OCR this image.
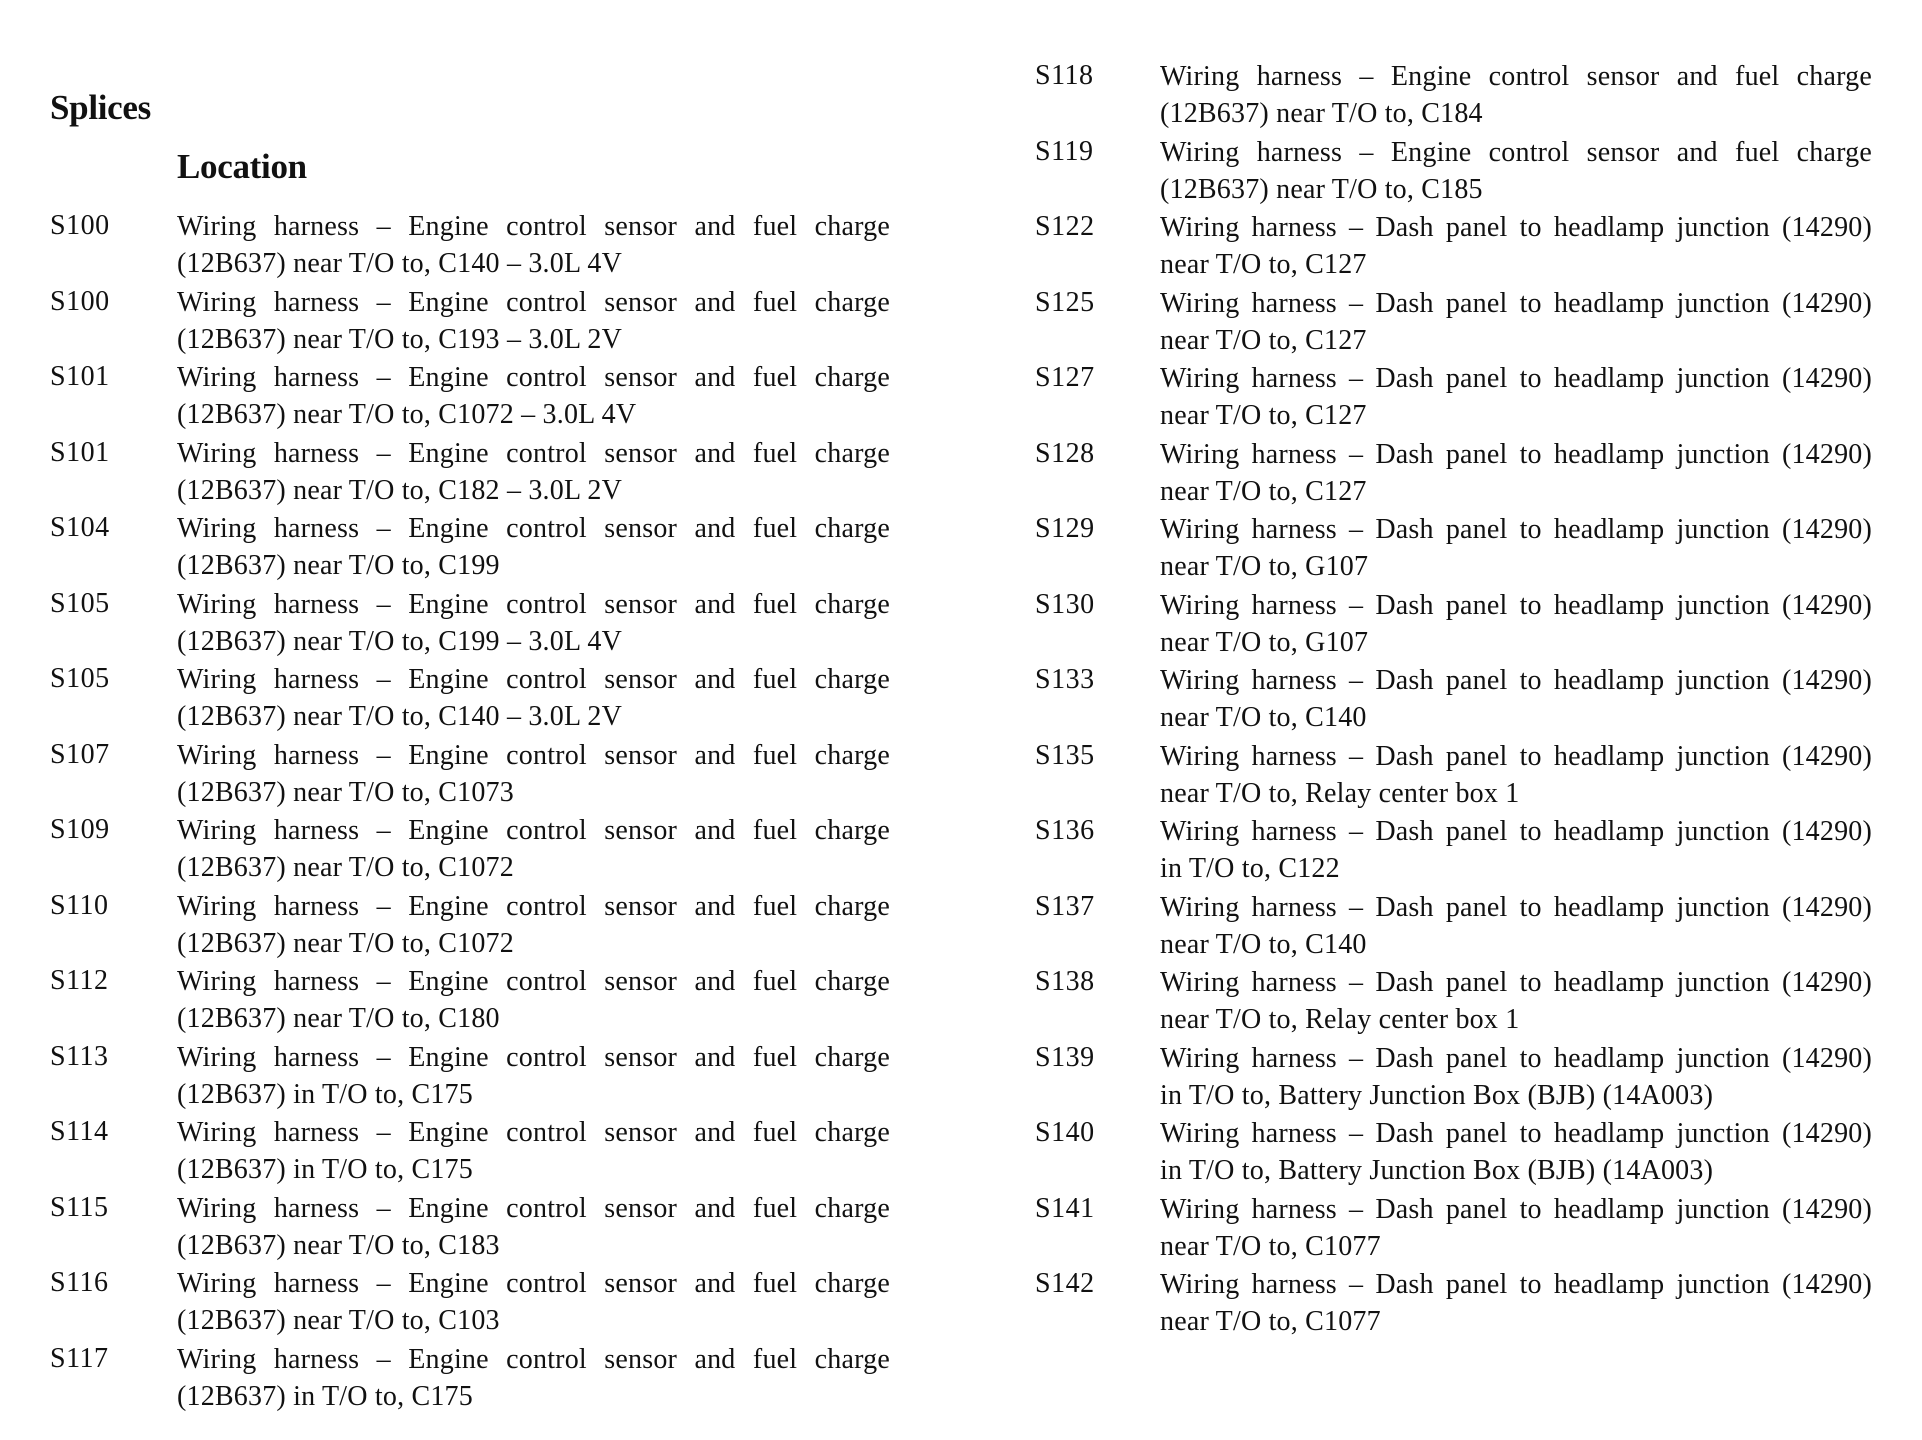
Splices
Location
S100 Wiring harness – Engine control sensor and fuel charge
(12B637) near T/O to, C140 – 3.0L 4V
S100 Wiring harness – Engine control sensor and fuel charge
(12B637) near T/O to, C193 – 3.0L 2V
S101 Wiring harness – Engine control sensor and fuel charge
(12B637) near T/O to, C1072 – 3.0L 4V
S101 Wiring harness – Engine control sensor and fuel charge
(12B637) near T/O to, C182 – 3.0L 2V
S104 Wiring harness – Engine control sensor and fuel charge
(12B637) near T/O to, C199
S105 Wiring harness – Engine control sensor and fuel charge
(12B637) near T/O to, C199 – 3.0L 4V
S105 Wiring harness – Engine control sensor and fuel charge
(12B637) near T/O to, C140 – 3.0L 2V
S107 Wiring harness – Engine control sensor and fuel charge
(12B637) near T/O to, C1073
S109 Wiring harness – Engine control sensor and fuel charge
(12B637) near T/O to, C1072
S110 Wiring harness – Engine control sensor and fuel charge
(12B637) near T/O to, C1072
S112 Wiring harness – Engine control sensor and fuel charge
(12B637) near T/O to, C180
S113 Wiring harness – Engine control sensor and fuel charge
(12B637) in T/O to, C175
S114 Wiring harness – Engine control sensor and fuel charge
(12B637) in T/O to, C175
S115 Wiring harness – Engine control sensor and fuel charge
(12B637) near T/O to, C183
S116 Wiring harness – Engine control sensor and fuel charge
(12B637) near T/O to, C103
S117 Wiring harness – Engine control sensor and fuel charge
(12B637) in T/O to, C175
S118 Wiring harness – Engine control sensor and fuel charge
(12B637) near T/O to, C184
S119 Wiring harness – Engine control sensor and fuel charge
(12B637) near T/O to, C185
S122 Wiring harness – Dash panel to headlamp junction (14290)
near T/O to, C127
S125 Wiring harness – Dash panel to headlamp junction (14290)
near T/O to, C127
S127 Wiring harness – Dash panel to headlamp junction (14290)
near T/O to, C127
S128 Wiring harness – Dash panel to headlamp junction (14290)
near T/O to, C127
S129 Wiring harness – Dash panel to headlamp junction (14290)
near T/O to, G107
S130 Wiring harness – Dash panel to headlamp junction (14290)
near T/O to, G107
S133 Wiring harness – Dash panel to headlamp junction (14290)
near T/O to, C140
S135 Wiring harness – Dash panel to headlamp junction (14290)
near T/O to, Relay center box 1
S136 Wiring harness – Dash panel to headlamp junction (14290)
in T/O to, C122
S137 Wiring harness – Dash panel to headlamp junction (14290)
near T/O to, C140
S138 Wiring harness – Dash panel to headlamp junction (14290)
near T/O to, Relay center box 1
S139 Wiring harness – Dash panel to headlamp junction (14290)
in T/O to, Battery Junction Box (BJB) (14A003)
S140 Wiring harness – Dash panel to headlamp junction (14290)
in T/O to, Battery Junction Box (BJB) (14A003)
S141 Wiring harness – Dash panel to headlamp junction (14290)
near T/O to, C1077
S142 Wiring harness – Dash panel to headlamp junction (14290)
near T/O to, C1077
